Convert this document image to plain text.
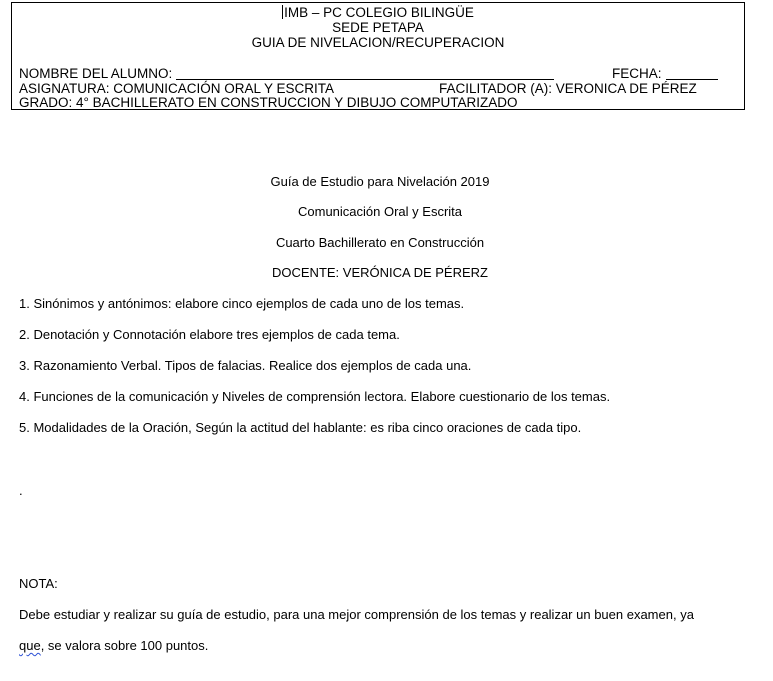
IMB – PC COLEGIO BILINGÜE
SEDE PETAPA
GUIA DE NIVELACION/RECUPERACION
NOMBRE DEL ALUMNO:	FECHA:
ASIGNATURA: COMUNICACIÓN ORAL Y ESCRITA	FACILITADOR (A): VERONICA DE PÉREZ
GRADO: 4° BACHILLERATO EN CONSTRUCCION Y DIBUJO COMPUTARIZADO
Guía de Estudio para Nivelación 2019
Comunicación Oral y Escrita
Cuarto Bachillerato en Construcción
DOCENTE: VERÓNICA DE PÉRERZ
1. Sinónimos y antónimos: elabore cinco ejemplos de cada uno de los temas.
2. Denotación y Connotación elabore tres ejemplos de cada tema.
3. Razonamiento Verbal. Tipos de falacias. Realice dos ejemplos de cada una.
4. Funciones de la comunicación y Niveles de comprensión lectora. Elabore cuestionario de los temas.
5. Modalidades de la Oración, Según la actitud del hablante: es riba cinco oraciones de cada tipo.
.
NOTA:
Debe estudiar y realizar su guía de estudio, para una mejor comprensión de los temas y realizar un buen examen, ya
que, se valora sobre 100 puntos.
